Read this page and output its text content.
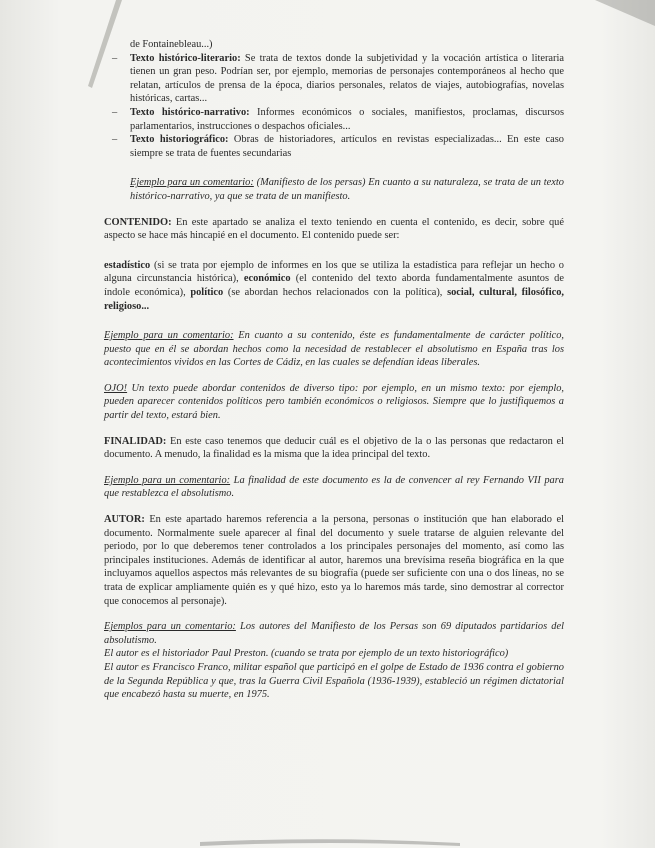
de Fontainebleau...)

– Texto histórico-literario: Se trata de textos donde la subjetividad y la vocación artística o literaria tienen un gran peso. Podrían ser, por ejemplo, memorias de personajes contemporáneos al hecho que relatan, artículos de prensa de la época, diarios personales, relatos de viajes, autobiografías, novelas históricas, cartas...

– Texto histórico-narrativo: Informes económicos o sociales, manifiestos, proclamas, discursos parlamentarios, instrucciones o despachos oficiales...

– Texto historiográfico: Obras de historiadores, artículos en revistas especializadas... En este caso siempre se trata de fuentes secundarias

Ejemplo para un comentario: (Manifiesto de los persas) En cuanto a su naturaleza, se trata de un texto histórico-narrativo, ya que se trata de un manifiesto.

CONTENIDO: En este apartado se analiza el texto teniendo en cuenta el contenido, es decir, sobre qué aspecto se hace más hincapié en el documento. El contenido puede ser:

estadístico (si se trata por ejemplo de informes en los que se utiliza la estadística para reflejar un hecho o alguna circunstancia histórica), económico (el contenido del texto aborda fundamentalmente asuntos de índole económica), político (se abordan hechos relacionados con la política), social, cultural, filosófico, religioso...

Ejemplo para un comentario: En cuanto a su contenido, éste es fundamentalmente de carácter político, puesto que en él se abordan hechos como la necesidad de restablecer el absolutismo en España tras los acontecimientos vividos en las Cortes de Cádiz, en las cuales se defendían ideas liberales.

OJO! Un texto puede abordar contenidos de diverso tipo: por ejemplo, en un mismo texto: por ejemplo, pueden aparecer contenidos políticos pero también económicos o religiosos. Siempre que lo justifiquemos a partir del texto, estará bien.

FINALIDAD: En este caso tenemos que deducir cuál es el objetivo de la o las personas que redactaron el documento. A menudo, la finalidad es la misma que la idea principal del texto.

Ejemplo para un comentario: La finalidad de este documento es la de convencer al rey Fernando VII para que restablezca el absolutismo.

AUTOR: En este apartado haremos referencia a la persona, personas o institución que han elaborado el documento. Normalmente suele aparecer al final del documento y suele tratarse de alguien relevante del periodo, por lo que deberemos tener controlados a los principales personajes del momento, así como las principales instituciones. Además de identificar al autor, haremos una brevísima reseña biográfica en la que incluyamos aquellos aspectos más relevantes de su biografía (puede ser suficiente con una o dos líneas, no se trata de explicar ampliamente quién es y qué hizo, esto ya lo haremos más tarde, sino demostrar al corrector que conocemos al personaje).

Ejemplos para un comentario: Los autores del Manifiesto de los Persas son 69 diputados partidarios del absolutismo.

El autor es el historiador Paul Preston. (cuando se trata por ejemplo de un texto historiográfico)

El autor es Francisco Franco, militar español que participó en el golpe de Estado de 1936 contra el gobierno de la Segunda República y que, tras la Guerra Civil Española (1936-1939), estableció un régimen dictatorial que encabezó hasta su muerte, en 1975.
